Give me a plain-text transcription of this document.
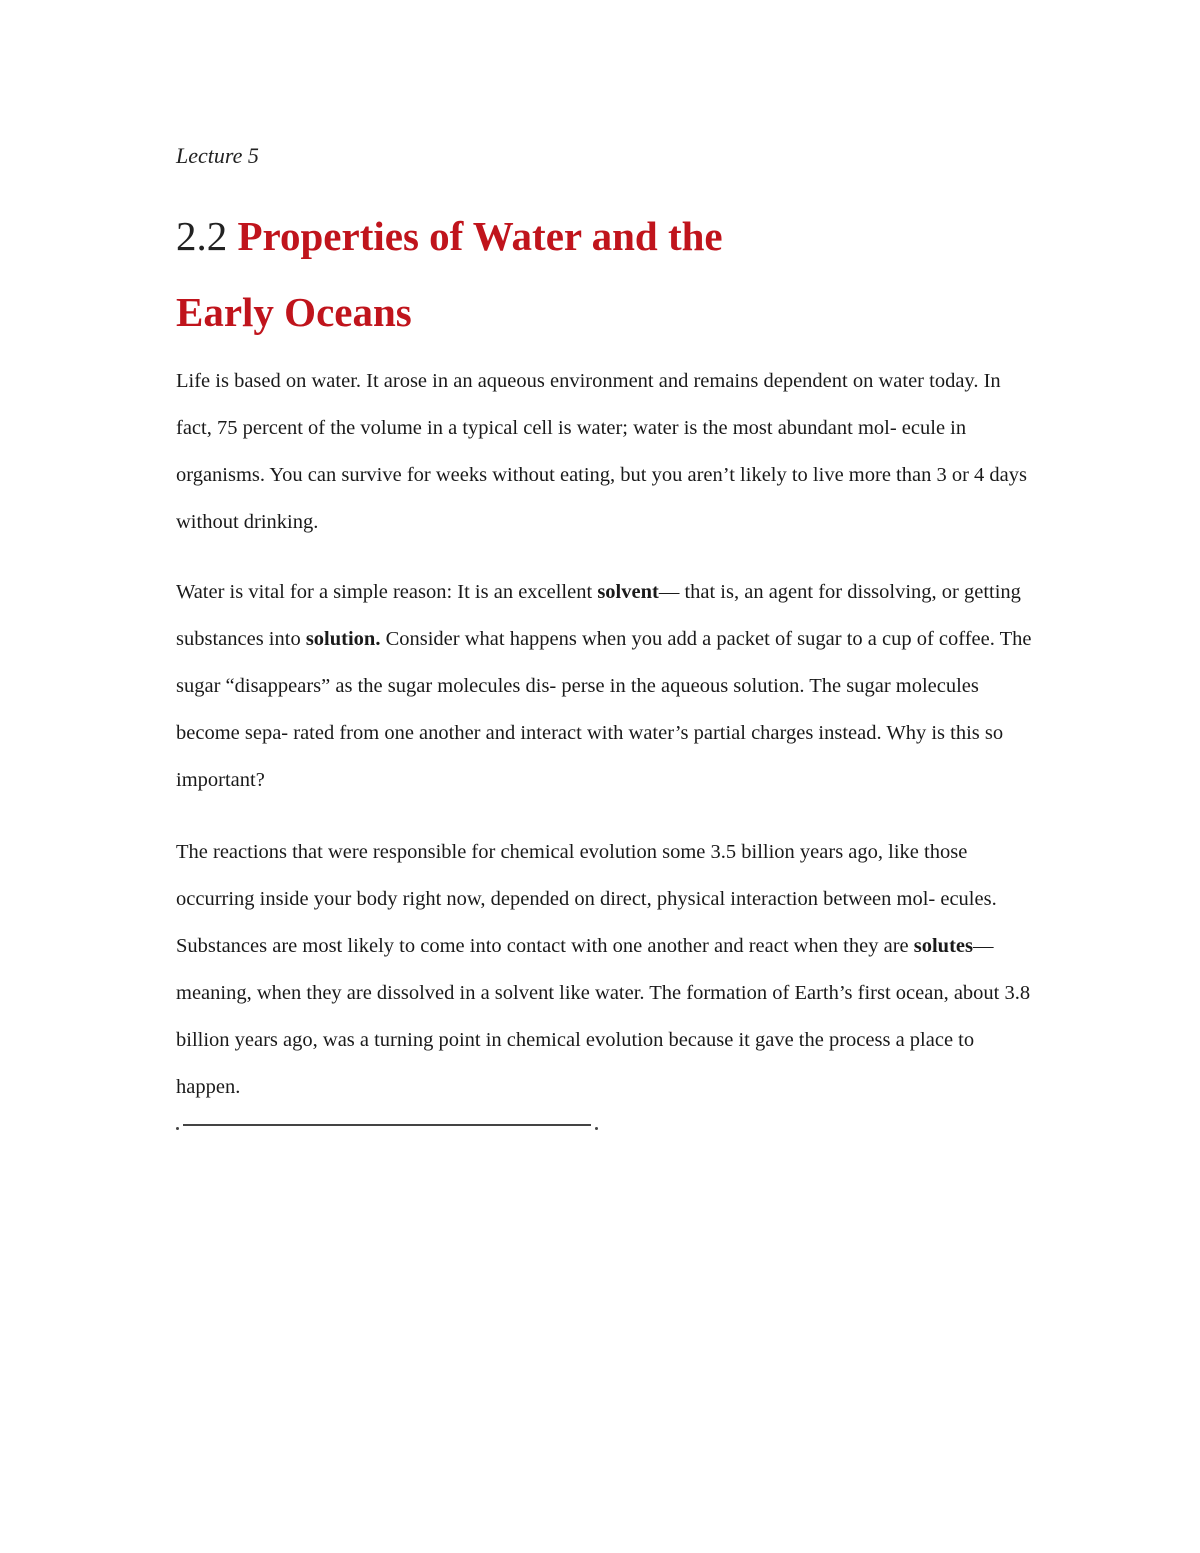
Lecture 5
2.2 Properties of Water and the
Early Oceans

Life is based on water. It arose in an aqueous environment and remains dependent on water today. In fact, 75 percent of the volume in a typical cell is water; water is the most abundant mol- ecule in organisms. You can survive for weeks without eating, but you aren’t likely to live more than 3 or 4 days without drinking.

Water is vital for a simple reason: It is an excellent solvent— that is, an agent for dissolving, or getting substances into solution. Consider what happens when you add a packet of sugar to a cup of coffee. The sugar “disappears” as the sugar molecules dis- perse in the aqueous solution. The sugar molecules become sepa- rated from one another and interact with water’s partial charges instead. Why is this so important?

The reactions that were responsible for chemical evolution some 3.5 billion years ago, like those occurring inside your body right now, depended on direct, physical interaction between mol- ecules. Substances are most likely to come into contact with one another and react when they are solutes—meaning, when they are dissolved in a solvent like water. The formation of Earth’s first ocean, about 3.8 billion years ago, was a turning point in chemical evolution because it gave the process a place to happen.
